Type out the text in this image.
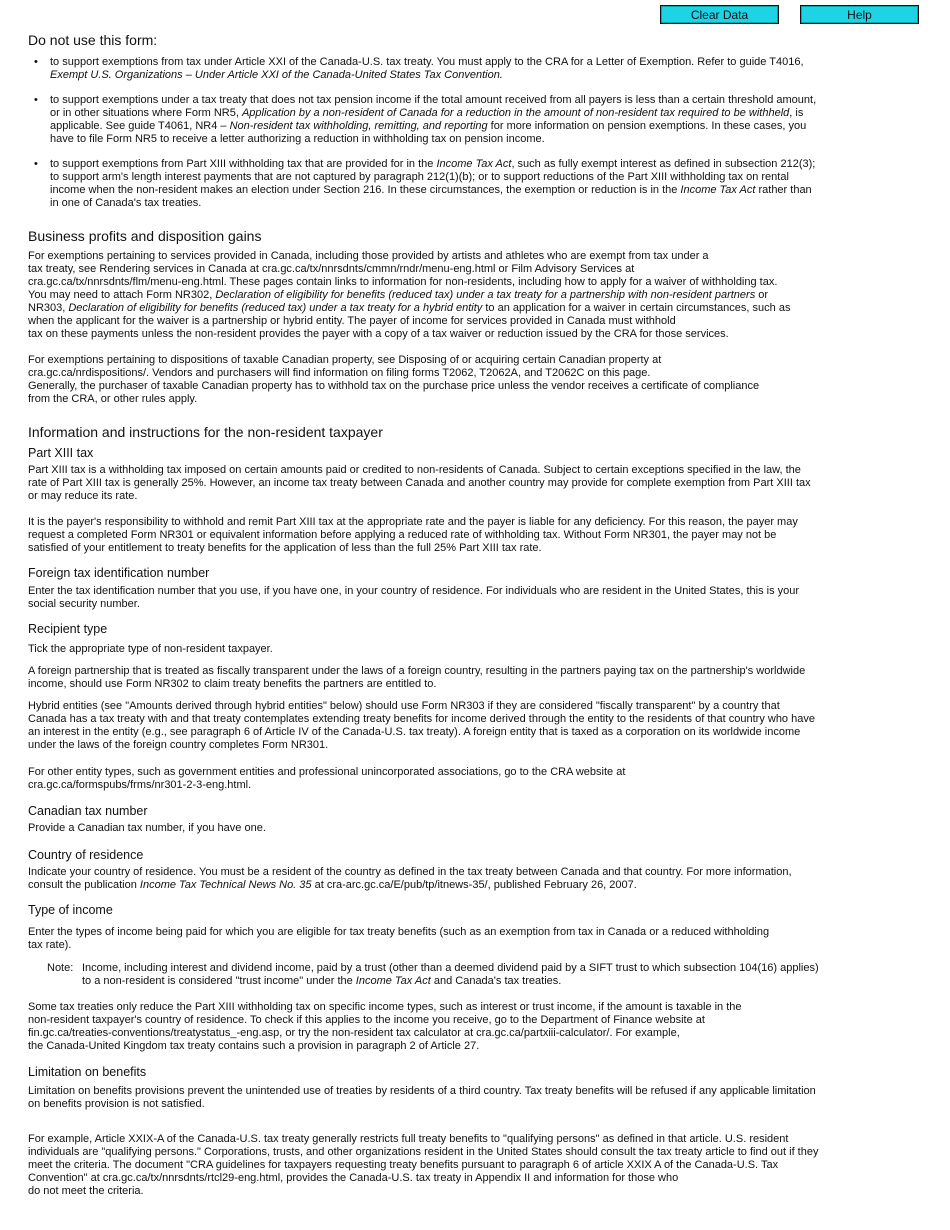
Clear Data	Help
Do not use this form:
• to support exemptions from tax under Article XXI of the Canada-U.S. tax treaty. You must apply to the CRA for a Letter of Exemption. Refer to guide T4016,
Exempt U.S. Organizations – Under Article XXI of the Canada-United States Tax Convention.
• to support exemptions under a tax treaty that does not tax pension income if the total amount received from all payers is less than a certain threshold amount,
or in other situations where Form NR5, Application by a non-resident of Canada for a reduction in the amount of non-resident tax required to be withheld, is
applicable. See guide T4061, NR4 – Non-resident tax withholding, remitting, and reporting for more information on pension exemptions. In these cases, you
have to file Form NR5 to receive a letter authorizing a reduction in withholding tax on pension income.
• to support exemptions from Part XIII withholding tax that are provided for in the Income Tax Act, such as fully exempt interest as defined in subsection 212(3);
to support arm's length interest payments that are not captured by paragraph 212(1)(b); or to support reductions of the Part XIII withholding tax on rental
income when the non-resident makes an election under Section 216. In these circumstances, the exemption or reduction is in the Income Tax Act rather than
in one of Canada's tax treaties.
Business profits and disposition gains
For exemptions pertaining to services provided in Canada, including those provided by artists and athletes who are exempt from tax under a
tax treaty, see Rendering services in Canada at cra.gc.ca/tx/nnrsdnts/cmmn/rndr/menu-eng.html or Film Advisory Services at
cra.gc.ca/tx/nnrsdnts/flm/menu-eng.html. These pages contain links to information for non-residents, including how to apply for a waiver of withholding tax.
You may need to attach Form NR302, Declaration of eligibility for benefits (reduced tax) under a tax treaty for a partnership with non-resident partners or
NR303, Declaration of eligibility for benefits (reduced tax) under a tax treaty for a hybrid entity to an application for a waiver in certain circumstances, such as
when the applicant for the waiver is a partnership or hybrid entity. The payer of income for services provided in Canada must withhold
tax on these payments unless the non-resident provides the payer with a copy of a tax waiver or reduction issued by the CRA for those services.
For exemptions pertaining to dispositions of taxable Canadian property, see Disposing of or acquiring certain Canadian property at
cra.gc.ca/nrdispositions/. Vendors and purchasers will find information on filing forms T2062, T2062A, and T2062C on this page.
Generally, the purchaser of taxable Canadian property has to withhold tax on the purchase price unless the vendor receives a certificate of compliance
from the CRA, or other rules apply.
Information and instructions for the non-resident taxpayer
Part XIII tax
Part XIII tax is a withholding tax imposed on certain amounts paid or credited to non-residents of Canada. Subject to certain exceptions specified in the law, the
rate of Part XIII tax is generally 25%. However, an income tax treaty between Canada and another country may provide for complete exemption from Part XIII tax
or may reduce its rate.
It is the payer's responsibility to withhold and remit Part XIII tax at the appropriate rate and the payer is liable for any deficiency. For this reason, the payer may
request a completed Form NR301 or equivalent information before applying a reduced rate of withholding tax. Without Form NR301, the payer may not be
satisfied of your entitlement to treaty benefits for the application of less than the full 25% Part XIII tax rate.
Foreign tax identification number
Enter the tax identification number that you use, if you have one, in your country of residence. For individuals who are resident in the United States, this is your
social security number.
Recipient type
Tick the appropriate type of non-resident taxpayer.
A foreign partnership that is treated as fiscally transparent under the laws of a foreign country, resulting in the partners paying tax on the partnership's worldwide
income, should use Form NR302 to claim treaty benefits the partners are entitled to.
Hybrid entities (see "Amounts derived through hybrid entities" below) should use Form NR303 if they are considered "fiscally transparent" by a country that
Canada has a tax treaty with and that treaty contemplates extending treaty benefits for income derived through the entity to the residents of that country who have
an interest in the entity (e.g., see paragraph 6 of Article IV of the Canada-U.S. tax treaty). A foreign entity that is taxed as a corporation on its worldwide income
under the laws of the foreign country completes Form NR301.
For other entity types, such as government entities and professional unincorporated associations, go to the CRA website at
cra.gc.ca/formspubs/frms/nr301-2-3-eng.html.
Canadian tax number
Provide a Canadian tax number, if you have one.
Country of residence
Indicate your country of residence. You must be a resident of the country as defined in the tax treaty between Canada and that country. For more information,
consult the publication Income Tax Technical News No. 35 at cra-arc.gc.ca/E/pub/tp/itnews-35/, published February 26, 2007.
Type of income
Enter the types of income being paid for which you are eligible for tax treaty benefits (such as an exemption from tax in Canada or a reduced withholding
tax rate).
Note: Income, including interest and dividend income, paid by a trust (other than a deemed dividend paid by a SIFT trust to which subsection 104(16) applies)
to a non-resident is considered "trust income" under the Income Tax Act and Canada's tax treaties.
Some tax treaties only reduce the Part XIII withholding tax on specific income types, such as interest or trust income, if the amount is taxable in the
non-resident taxpayer's country of residence. To check if this applies to the income you receive, go to the Department of Finance website at
fin.gc.ca/treaties-conventions/treatystatus_-eng.asp, or try the non-resident tax calculator at cra.gc.ca/partxiii-calculator/. For example,
the Canada-United Kingdom tax treaty contains such a provision in paragraph 2 of Article 27.
Limitation on benefits
Limitation on benefits provisions prevent the unintended use of treaties by residents of a third country. Tax treaty benefits will be refused if any applicable limitation
on benefits provision is not satisfied.
For example, Article XXIX-A of the Canada-U.S. tax treaty generally restricts full treaty benefits to "qualifying persons" as defined in that article. U.S. resident
individuals are "qualifying persons." Corporations, trusts, and other organizations resident in the United States should consult the tax treaty article to find out if they
meet the criteria. The document "CRA guidelines for taxpayers requesting treaty benefits pursuant to paragraph 6 of article XXIX A of the Canada-U.S. Tax
Convention" at cra.gc.ca/tx/nnrsdnts/rtcl29-eng.html, provides the Canada-U.S. tax treaty in Appendix II and information for those who
do not meet the criteria.
